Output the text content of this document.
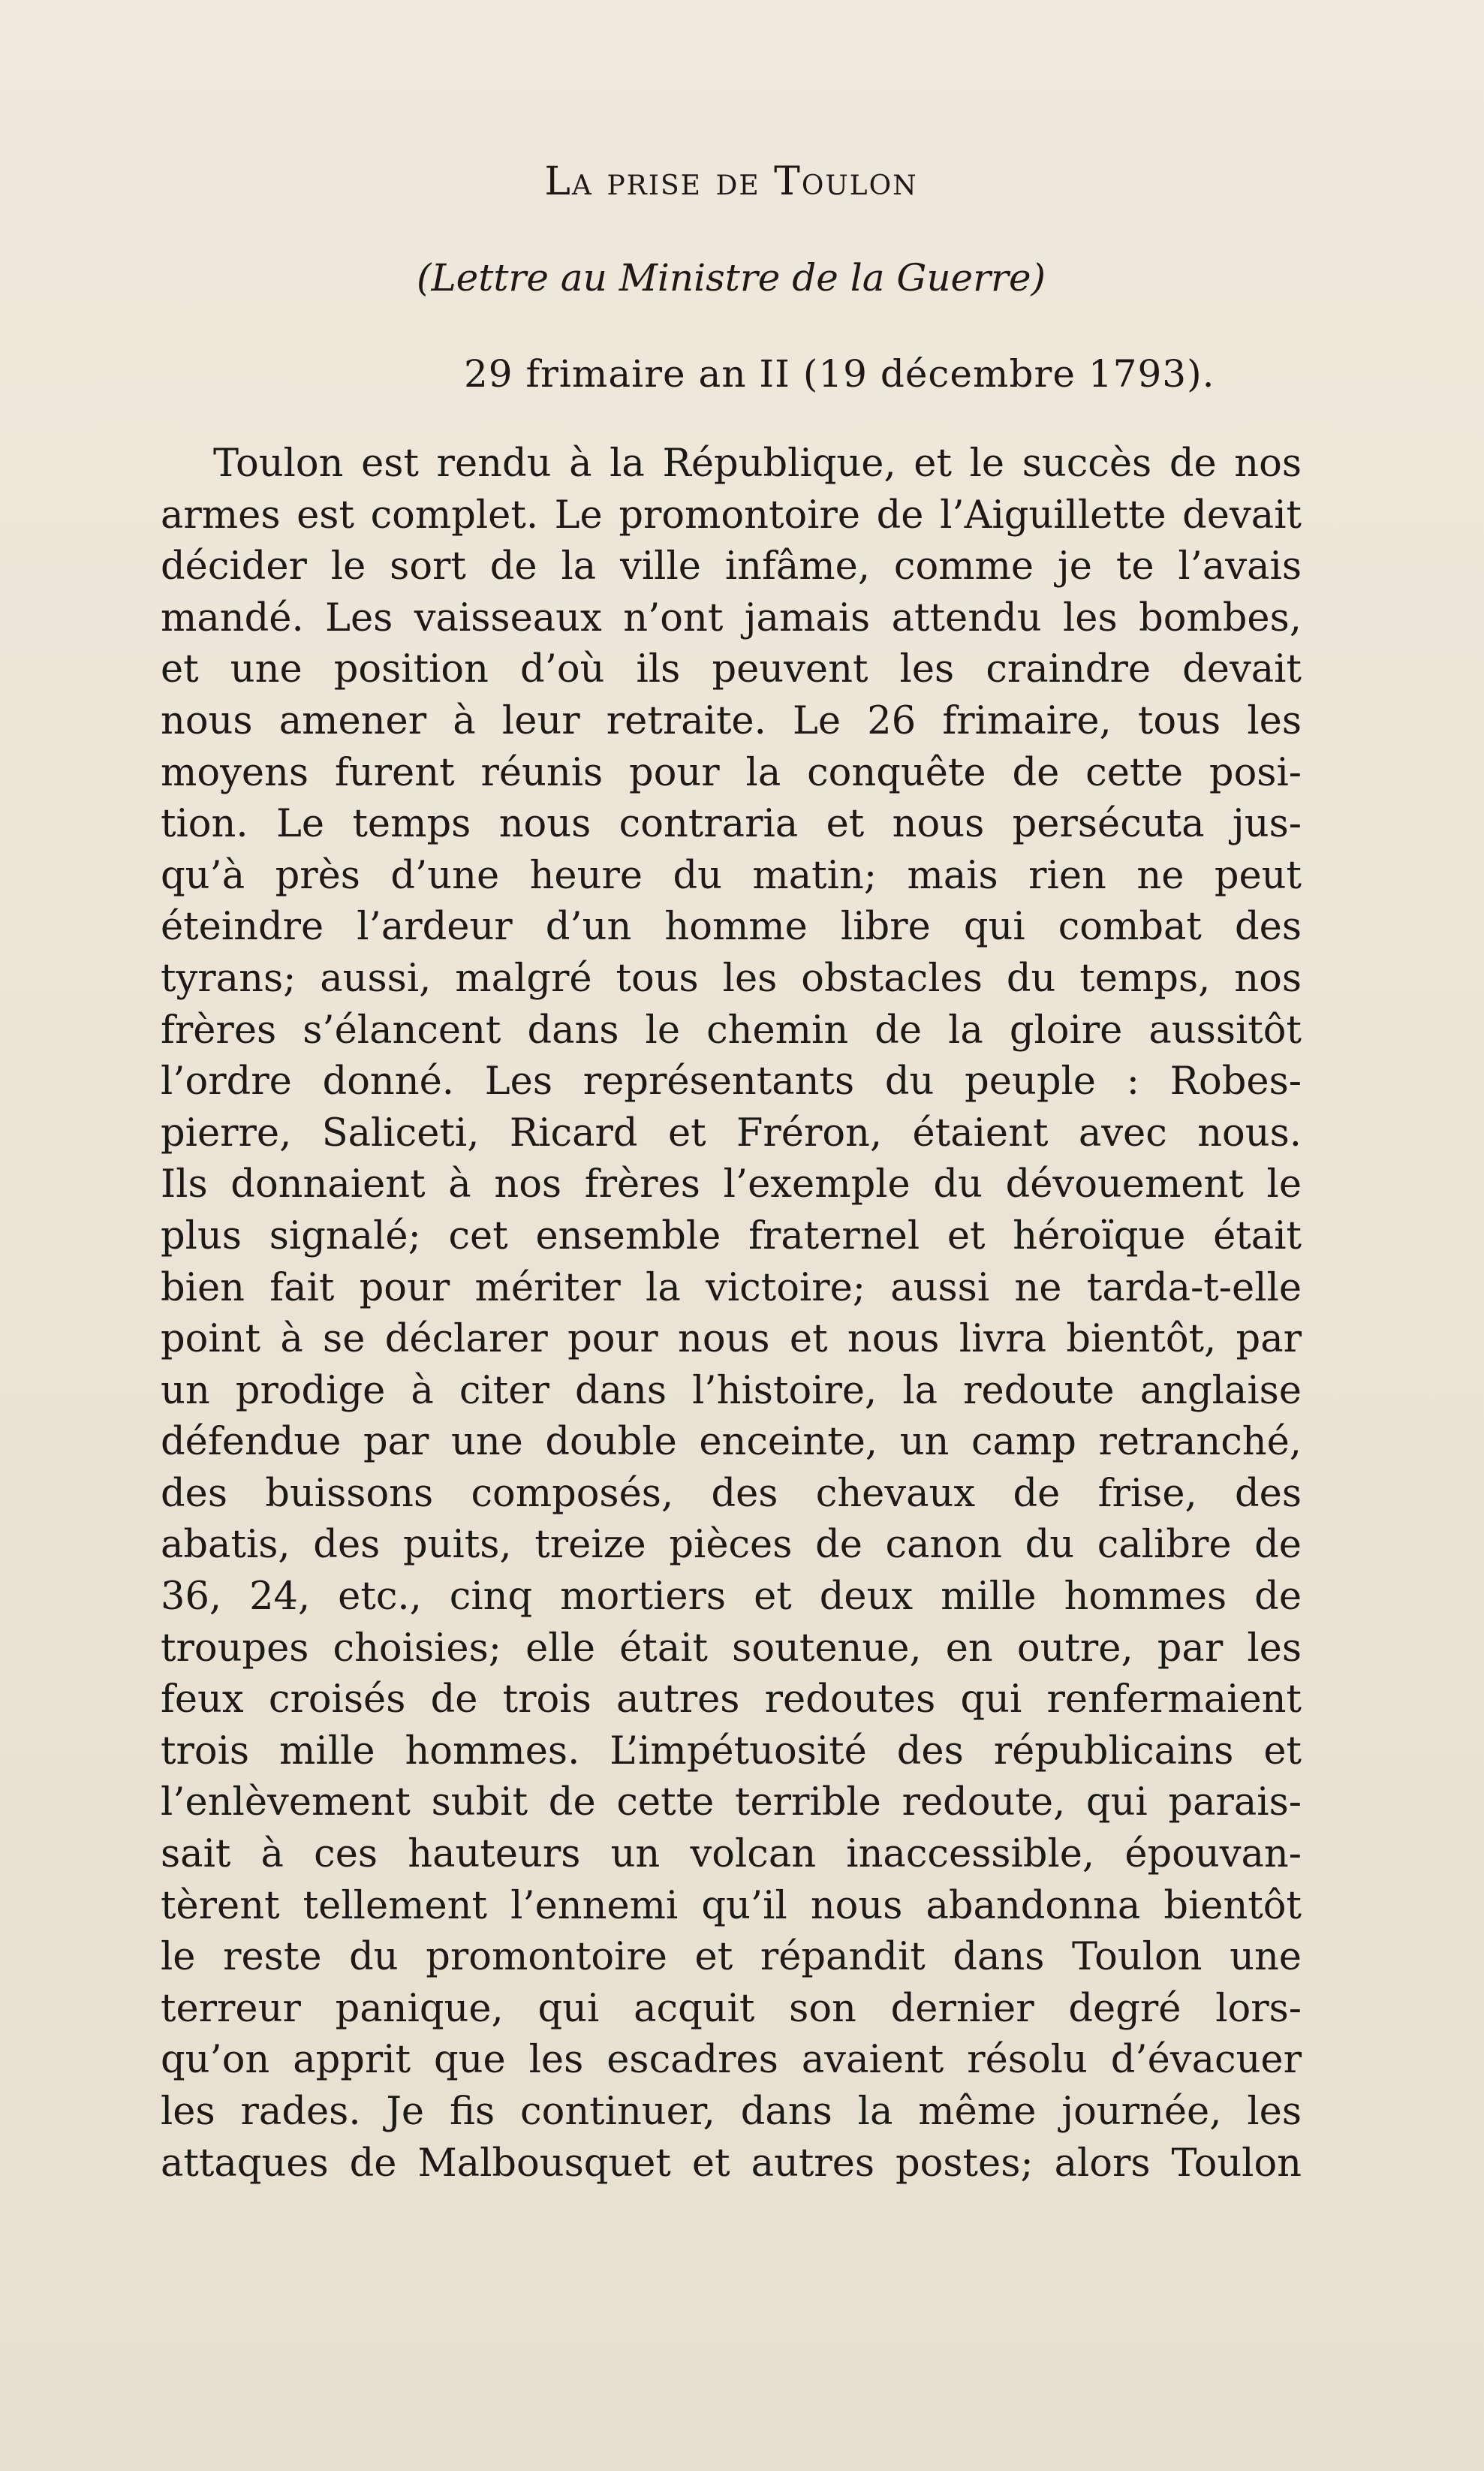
La prise de Toulon
(Lettre au Ministre de la Guerre)
29 frimaire an II (19 décembre 1793).
Toulon est rendu à la République, et le succès de nos
armes est complet. Le promontoire de l’Aiguillette devait
décider le sort de la ville infâme, comme je te l’avais
mandé. Les vaisseaux n’ont jamais attendu les bombes,
et une position d’où ils peuvent les craindre devait
nous amener à leur retraite. Le 26 frimaire, tous les
moyens furent réunis pour la conquête de cette posi-
tion. Le temps nous contraria et nous persécuta jus-
qu’à près d’une heure du matin; mais rien ne peut
éteindre l’ardeur d’un homme libre qui combat des
tyrans; aussi, malgré tous les obstacles du temps, nos
frères s’élancent dans le chemin de la gloire aussitôt
l’ordre donné. Les représentants du peuple : Robes-
pierre, Saliceti, Ricard et Fréron, étaient avec nous.
Ils donnaient à nos frères l’exemple du dévouement le
plus signalé; cet ensemble fraternel et héroïque était
bien fait pour mériter la victoire; aussi ne tarda-t-elle
point à se déclarer pour nous et nous livra bientôt, par
un prodige à citer dans l’histoire, la redoute anglaise
défendue par une double enceinte, un camp retranché,
des buissons composés, des chevaux de frise, des
abatis, des puits, treize pièces de canon du calibre de
36, 24, etc., cinq mortiers et deux mille hommes de
troupes choisies; elle était soutenue, en outre, par les
feux croisés de trois autres redoutes qui renfermaient
trois mille hommes. L’impétuosité des républicains et
l’enlèvement subit de cette terrible redoute, qui parais-
sait à ces hauteurs un volcan inaccessible, épouvan-
tèrent tellement l’ennemi qu’il nous abandonna bientôt
le reste du promontoire et répandit dans Toulon une
terreur panique, qui acquit son dernier degré lors-
qu’on apprit que les escadres avaient résolu d’évacuer
les rades. Je fis continuer, dans la même journée, les
attaques de Malbousquet et autres postes; alors Toulon
